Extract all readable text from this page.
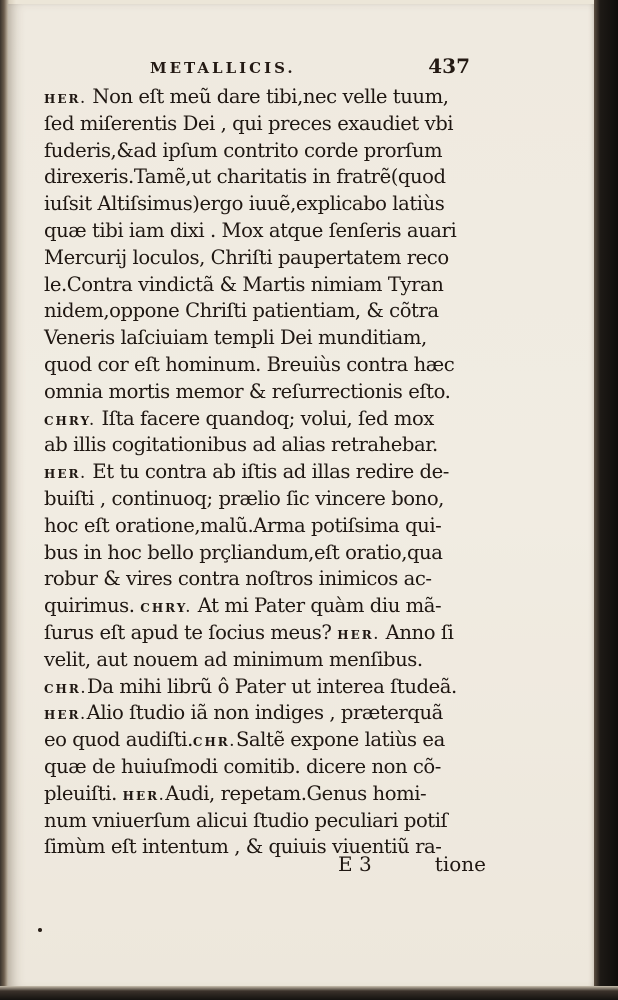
METALLICIS.	437
HER. Non eſt meũ dare tibi,nec velle tuum,
ſed miſerentis Dei , qui preces exaudiet vbi
fuderis,&ad ipſum contrito corde prorſum
direxeris.Tamẽ,ut charitatis in fratrẽ(quod
iuſsit Altiſsimus)ergo iuuẽ,explicabo latiùs
quæ tibi iam dixi . Mox atque ſenſeris auari
Mercurij loculos, Chriſti paupertatem reco
le.Contra vindictã & Martis nimiam Tyran
nidem,oppone Chriſti patientiam, & cõtra
Veneris laſciuiam templi Dei munditiam,
quod cor eſt hominum. Breuiùs contra hæc
omnia mortis memor & reſurrectionis eſto.
CHRY. Iſta facere quandoq; volui, ſed mox
ab illis cogitationibus ad alias retrahebar.
HER. Et tu contra ab iſtis ad illas redire de-
buiſti , continuoq; prælio ſic vincere bono,
hoc eſt oratione,malũ.Arma potiſsima qui-
bus in hoc bello prçliandum,eſt oratio,qua
robur & vires contra noſtros inimicos ac-
quirimus. CHRY. At mi Pater quàm diu mã-
ſurus eſt apud te ſocius meus? HER. Anno ſi
velit, aut nouem ad minimum menſibus.
CHR.Da mihi librũ ô Pater ut interea ſtudeã.
HER.Alio ſtudio iã non indiges , præterquã
eo quod audiſti.CHR.Saltẽ expone latiùs ea
quæ de huiuſmodi comitib. dicere non cõ-
pleuiſti. HER.Audi, repetam.Genus homi-
num vniuerſum alicui ſtudio peculiari potiſ
ſimùm eſt intentum , & quiuis viuentiũ ra-
E 3	tione
